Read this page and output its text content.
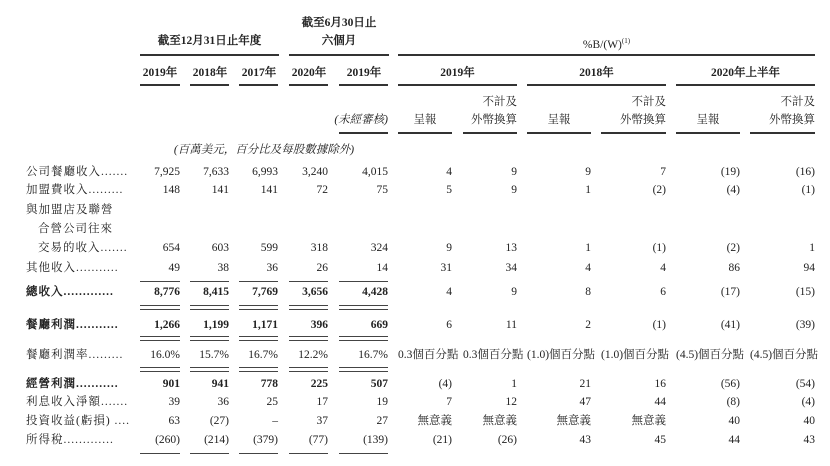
截至12月31日止年度
截至6月30日止
六個月	$\%B/(W)^{(1)}$
2019年 2018年 2017年 2020年	2019年	2019年	2018年	2020年上半年
(未經審核)	呈報
不計及
外幣換算	呈報
不計及
外幣換算	呈報
不計及
外幣換算
(百萬美元，百分比及每股數據除外)
公司餐廳收入.......	7,925	7,633	6,993	3,240	4,015	4	9	9	7	(19)	(16)
加盟費收入.........	148	141	141	72	75	5	9	1	(2)	(4)	(1)
與加盟店及聯營
合營公司往來
交易的收入.......	654	603	599	318	324	9	13	1	(1)	(2)	1
其他收入...........	49	38	36	26	14	31	34	4	4	86	94
總收入.............	8,776	8,415	7,769	3,656	4,428	4	9	8	6	(17)	(15)
餐廳利潤...........	1,266	1,199	1,171	396	669	6	11	2	(1)	(41)	(39)
餐廳利潤率.........	16.0%	15.7%	16.7%	12.2%	16.7% 0.3個百分點 0.3個百分點 (1.0)個百分點 (1.0)個百分點 (4.5)個百分點 (4.5)個百分點
經營利潤...........	901	941	778	225	507	(4)	1	21	16	(56)	(54)
利息收入淨額.......	39	36	25	17	19	7	12	47	44	(8)	(4)
投資收益(虧損) ....	63	(27)	–	37	27	無意義	無意義	無意義	無意義	40	40
所得稅.............	(260)	(214)	(379)	(77)	(139)	(21)	(26)	43	45	44	43
